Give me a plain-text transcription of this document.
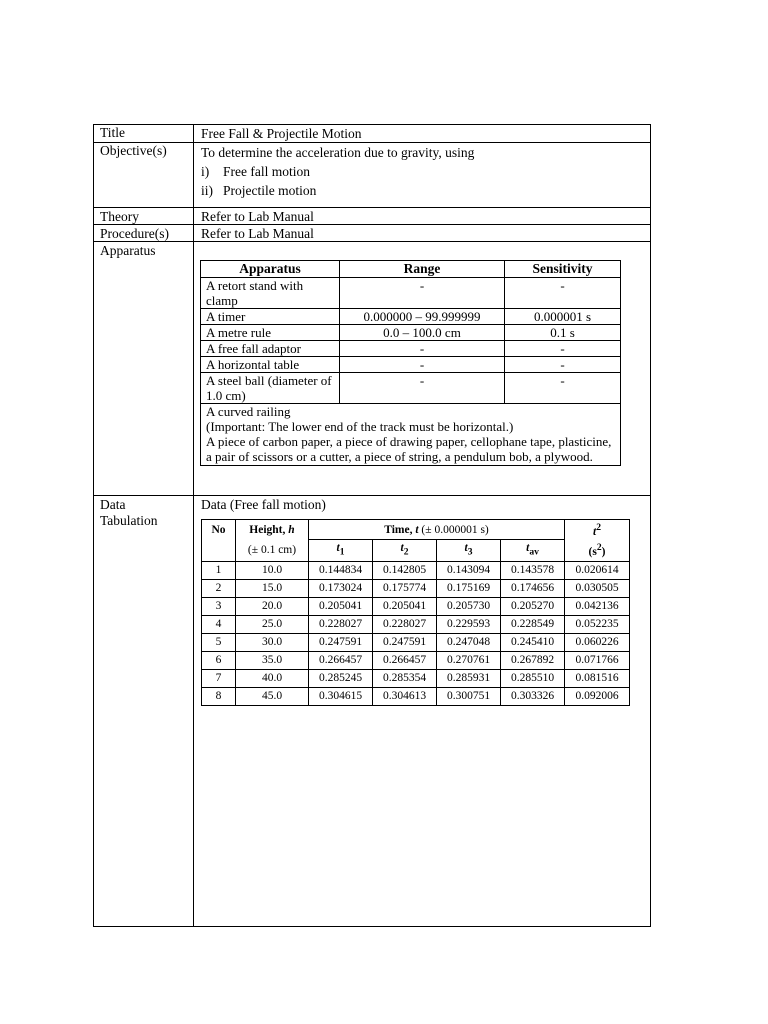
Title	Free Fall & Projectile Motion
Objective(s)	To determine the acceleration due to gravity, using
i) Free fall motion
ii) Projectile motion
Theory	Refer to Lab Manual
Procedure(s) Refer to Lab Manual
Apparatus
Apparatus	Range	Sensitivity
A retort stand with clamp	-	-
A timer	0.000000 – 99.999999	0.000001 s
A metre rule	0.0 – 100.0 cm	0.1 s
A free fall adaptor	-	-
A horizontal table	-	-
A steel ball (diameter of 1.0 cm)	-	-

A curved railing
(Important: The lower end of the track must be horizontal.)
A piece of carbon paper, a piece of drawing paper, cellophane tape, plasticine, a pair of scissors or a cutter, a piece of string, a pendulum bob, a plywood.		
Data
Tabulation
Data (Free fall motion)
No	Height, h	Time, t (± 0.000001 s)				$t^2$
	(± 0.1 cm)	$t_1$	$t_2$	$t_3$	$t_{av}$	$(s^2)$
1	10.0	0.144834	0.142805	0.143094	0.143578	0.020614
2	15.0	0.173024	0.175774	0.175169	0.174656	0.030505
3	20.0	0.205041	0.205041	0.205730	0.205270	0.042136
4	25.0	0.228027	0.228027	0.229593	0.228549	0.052235
5	30.0	0.247591	0.247591	0.247048	0.245410	0.060226
6	35.0	0.266457	0.266457	0.270761	0.267892	0.071766
7	40.0	0.285245	0.285354	0.285931	0.285510	0.081516
8	45.0	0.304615	0.304613	0.300751	0.303326	0.092006
